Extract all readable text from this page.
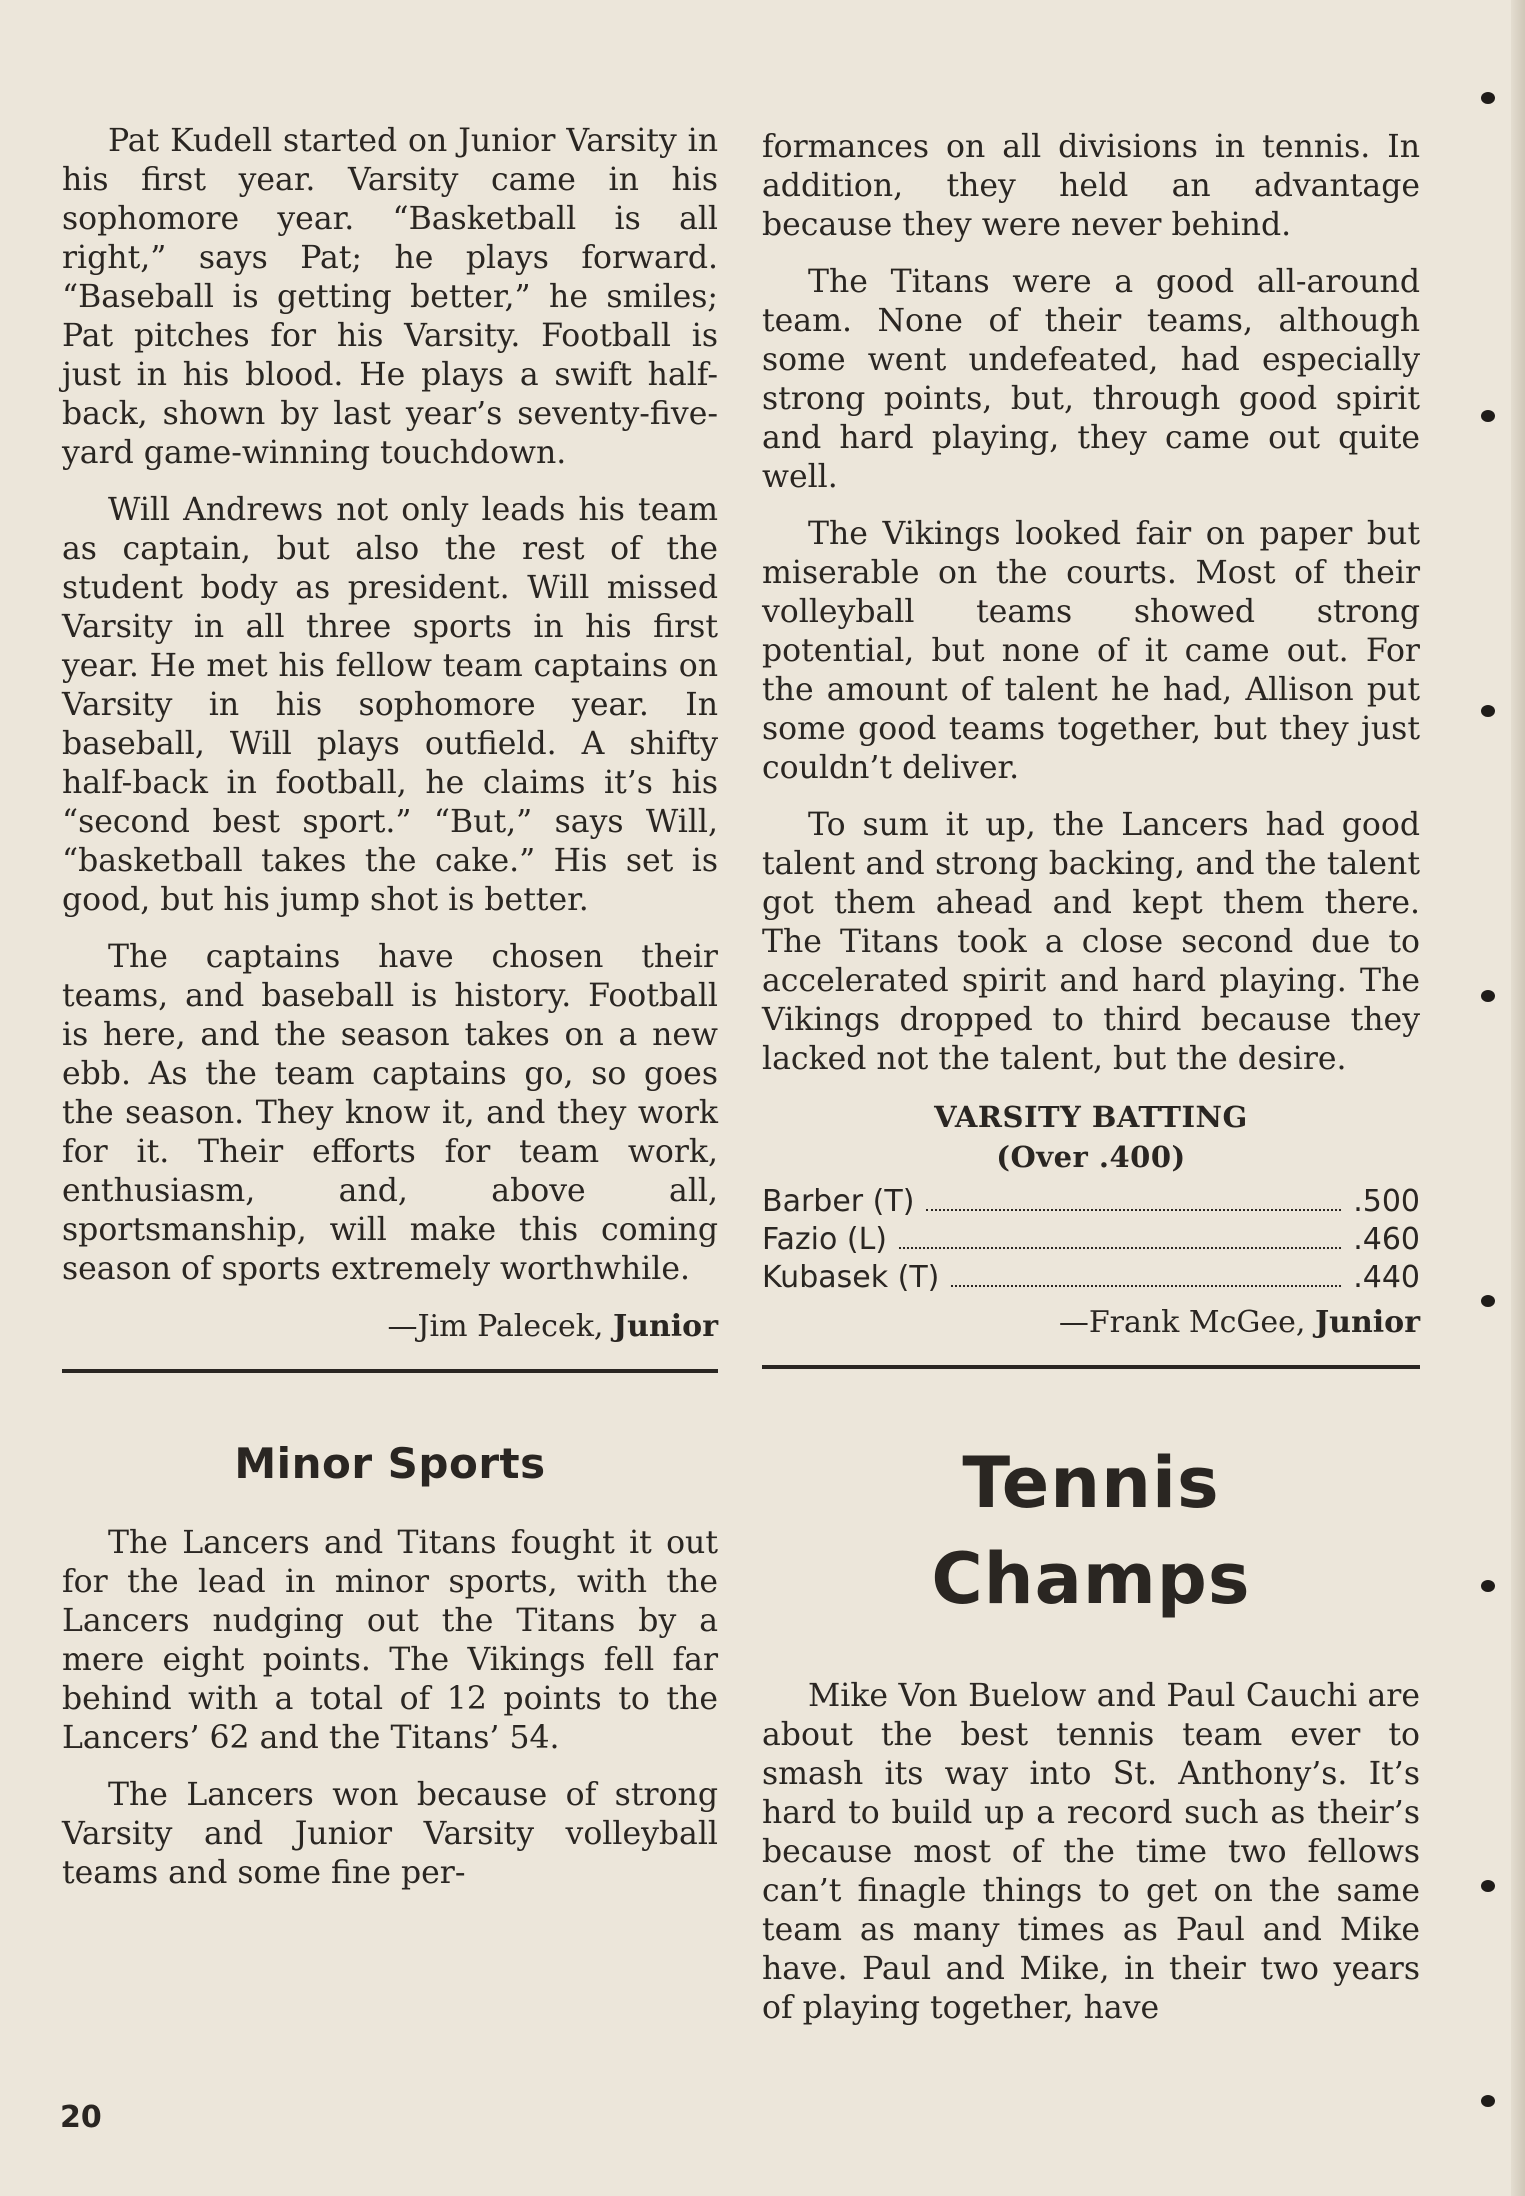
Pat Kudell started on Junior Varsity in his first year. Varsity came in his sophomore year. “Basketball is all right,” says Pat; he plays forward. “Baseball is getting better,” he smiles; Pat pitches for his Varsity. Football is just in his blood. He plays a swift half-back, shown by last year’s seventy-five-yard game-winning touchdown.

Will Andrews not only leads his team as captain, but also the rest of the student body as president. Will missed Varsity in all three sports in his first year. He met his fellow team captains on Varsity in his sophomore year. In baseball, Will plays outfield. A shifty half-back in football, he claims it’s his “second best sport.” “But,” says Will, “basketball takes the cake.” His set is good, but his jump shot is better.

The captains have chosen their teams, and baseball is history. Football is here, and the season takes on a new ebb. As the team captains go, so goes the season. They know it, and they work for it. Their efforts for team work, enthusiasm, and, above all, sportsmanship, will make this coming season of sports extremely worthwhile.

—Jim Palecek, Junior
Minor Sports

The Lancers and Titans fought it out for the lead in minor sports, with the Lancers nudging out the Titans by a mere eight points. The Vikings fell far behind with a total of 12 points to the Lancers’ 62 and the Titans’ 54.

The Lancers won because of strong Varsity and Junior Varsity volleyball teams and some fine per-

formances on all divisions in tennis. In addition, they held an advantage because they were never behind.

The Titans were a good all-around team. None of their teams, although some went undefeated, had especially strong points, but, through good spirit and hard playing, they came out quite well.

The Vikings looked fair on paper but miserable on the courts. Most of their volleyball teams showed strong potential, but none of it came out. For the amount of talent he had, Allison put some good teams together, but they just couldn’t deliver.

To sum it up, the Lancers had good talent and strong backing, and the talent got them ahead and kept them there. The Titans took a close second due to accelerated spirit and hard playing. The Vikings dropped to third because they lacked not the talent, but the desire.

VARSITY BATTING
(Over .400)
Barber (T)	.500
Fazio (L)	.460
Kubasek (T)	.440
—Frank McGee, Junior
Tennis
Champs

Mike Von Buelow and Paul Cauchi are about the best tennis team ever to smash its way into St. Anthony’s. It’s hard to build up a record such as their’s because most of the time two fellows can’t finagle things to get on the same team as many times as Paul and Mike have. Paul and Mike, in their two years of playing together, have

20
